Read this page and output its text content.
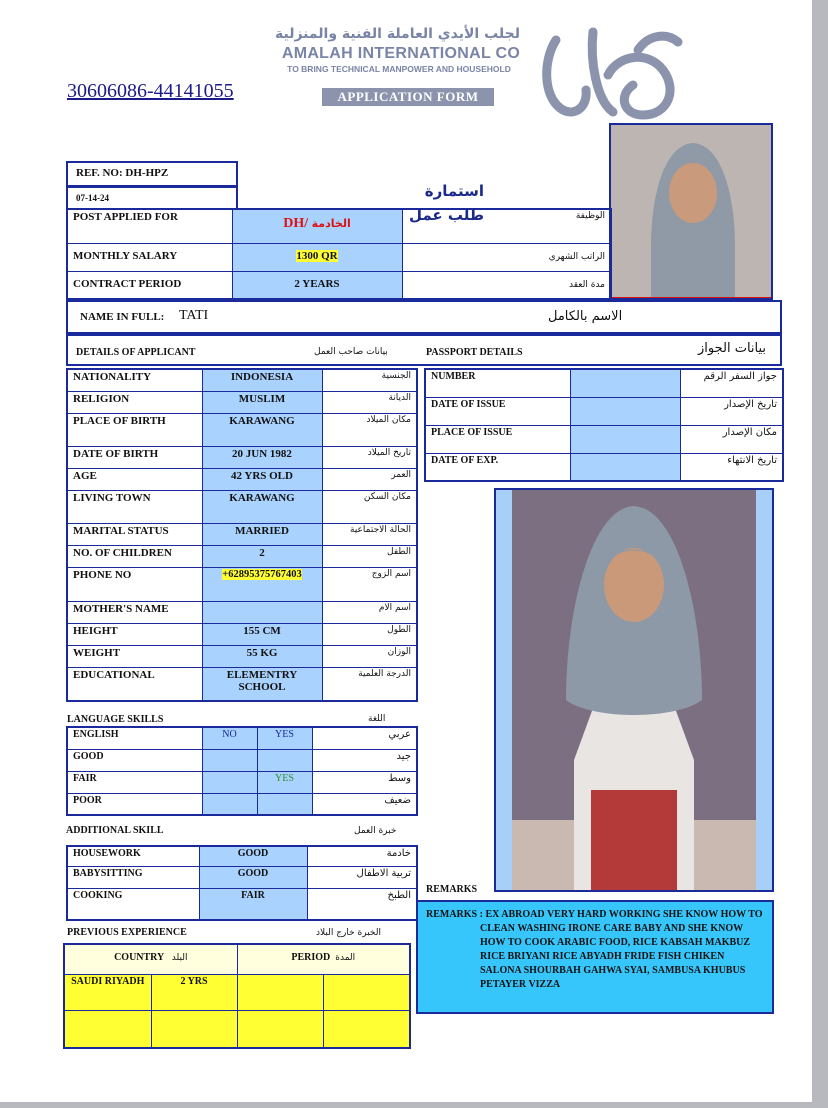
لجلب الأيدي العاملة الفنية والمنزلية
AMALAH INTERNATIONAL CO
TO BRING TECHNICAL MANPOWER AND HOUSEHOLD
APPLICATION FORM
30606086-44141055
REF. NO: DH-HPZ
07-14-24	استمارة طلب عمل
POST APPLIED FOR	DH/ الخادمة	الوظيفة
MONTHLY SALARY	1300 QR	الراتب الشهري
CONTRACT PERIOD	2 YEARS	مدة العقد
NAME IN FULL: TATI	الاسم بالكامل
DETAILS OF APPLICANT	بيانات صاحب العمل	PASSPORT DETAILS	بيانات الجواز
NATIONALITY	INDONESIA	الجنسية
RELIGION	MUSLIM	الديانة
PLACE OF BIRTH	KARAWANG	مكان الميلاد
DATE OF BIRTH	20 JUN 1982	تاريخ الميلاد
AGE	42 YRS OLD	العمر
LIVING TOWN	KARAWANG	مكان السكن
MARITAL STATUS	MARRIED	الحالة الاجتماعية
NO. OF CHILDREN	2	الطفل
PHONE NO	+62895375767403	اسم الزوج
MOTHER'S NAME		اسم الام
HEIGHT	155 CM	الطول
WEIGHT	55 KG	الوزان
EDUCATIONAL	ELEMENTRY SCHOOL	الدرجة العلمية
NUMBER		جواز السفر الرقم
DATE OF ISSUE		تاريخ الإصدار
PLACE OF ISSUE		مكان الإصدار
DATE OF EXP.		تاريخ الانتهاء
LANGUAGE SKILLS	اللغة
ENGLISH	NO	YES	عربي
GOOD			جيد
FAIR		YES	وسط
POOR			ضعيف
ADDITIONAL SKILL	خبرة العمل
HOUSEWORK	GOOD	خادمة
BABYSITTING	GOOD	تربية الاطفال
COOKING	FAIR	الطبخ REMARKS
REMARKS : EX ABROAD VERY HARD WORKING SHE KNOW HOW TO CLEAN WASHING IRONE CARE BABY AND SHE KNOW HOW TO COOK ARABIC FOOD, RICE KABSAH MAKBUZ RICE BRIYANI RICE ABYADH FRIDE FISH CHIKEN SALONA SHOURBAH GAHWA SYAI, SAMBUSA KHUBUS PETAYER VIZZA
PREVIOUS EXPERIENCE	الخبرة خارج البلاد
COUNTRY البلد		PERIOD المدة	
SAUDI RIYADH	2 YRS		
